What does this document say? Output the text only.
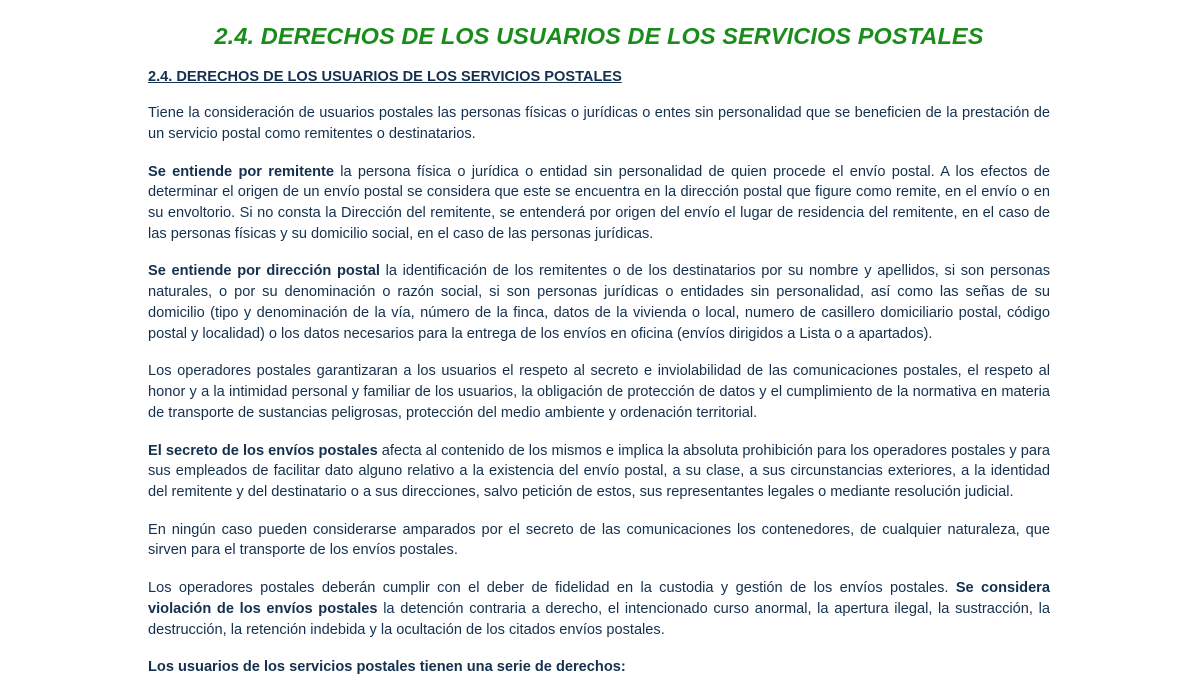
2.4. DERECHOS DE LOS USUARIOS DE LOS SERVICIOS POSTALES
2.4. DERECHOS DE LOS USUARIOS DE LOS SERVICIOS POSTALES

Tiene la consideración de usuarios postales las personas físicas o jurídicas o entes sin personalidad que se beneficien de la prestación de un servicio postal como remitentes o destinatarios.

Se entiende por remitente la persona física o jurídica o entidad sin personalidad de quien procede el envío postal. A los efectos de determinar el origen de un envío postal se considera que este se encuentra en la dirección postal que figure como remite, en el envío o en su envoltorio. Si no consta la Dirección del remitente, se entenderá por origen del envío el lugar de residencia del remitente, en el caso de las personas físicas y su domicilio social, en el caso de las personas jurídicas.

Se entiende por dirección postal la identificación de los remitentes o de los destinatarios por su nombre y apellidos, si son personas naturales, o por su denominación o razón social, si son personas jurídicas o entidades sin personalidad, así como las señas de su domicilio (tipo y denominación de la vía, número de la finca, datos de la vivienda o local, numero de casillero domiciliario postal, código postal y localidad) o los datos necesarios para la entrega de los envíos en oficina (envíos dirigidos a Lista o a apartados).

Los operadores postales garantizaran a los usuarios el respeto al secreto e inviolabilidad de las comunicaciones postales, el respeto al honor y a la intimidad personal y familiar de los usuarios, la obligación de protección de datos y el cumplimiento de la normativa en materia de transporte de sustancias peligrosas, protección del medio ambiente y ordenación territorial.

El secreto de los envíos postales afecta al contenido de los mismos e implica la absoluta prohibición para los operadores postales y para sus empleados de facilitar dato alguno relativo a la existencia del envío postal, a su clase, a sus circunstancias exteriores, a la identidad del remitente y del destinatario o a sus direcciones, salvo petición de estos, sus representantes legales o mediante resolución judicial.

En ningún caso pueden considerarse amparados por el secreto de las comunicaciones los contenedores, de cualquier naturaleza, que sirven para el transporte de los envíos postales.

Los operadores postales deberán cumplir con el deber de fidelidad en la custodia y gestión de los envíos postales. Se considera violación de los envíos postales la detención contraria a derecho, el intencionado curso anormal, la apertura ilegal, la sustracción, la destrucción, la retención indebida y la ocultación de los citados envíos postales.

Los usuarios de los servicios postales tienen una serie de derechos:
